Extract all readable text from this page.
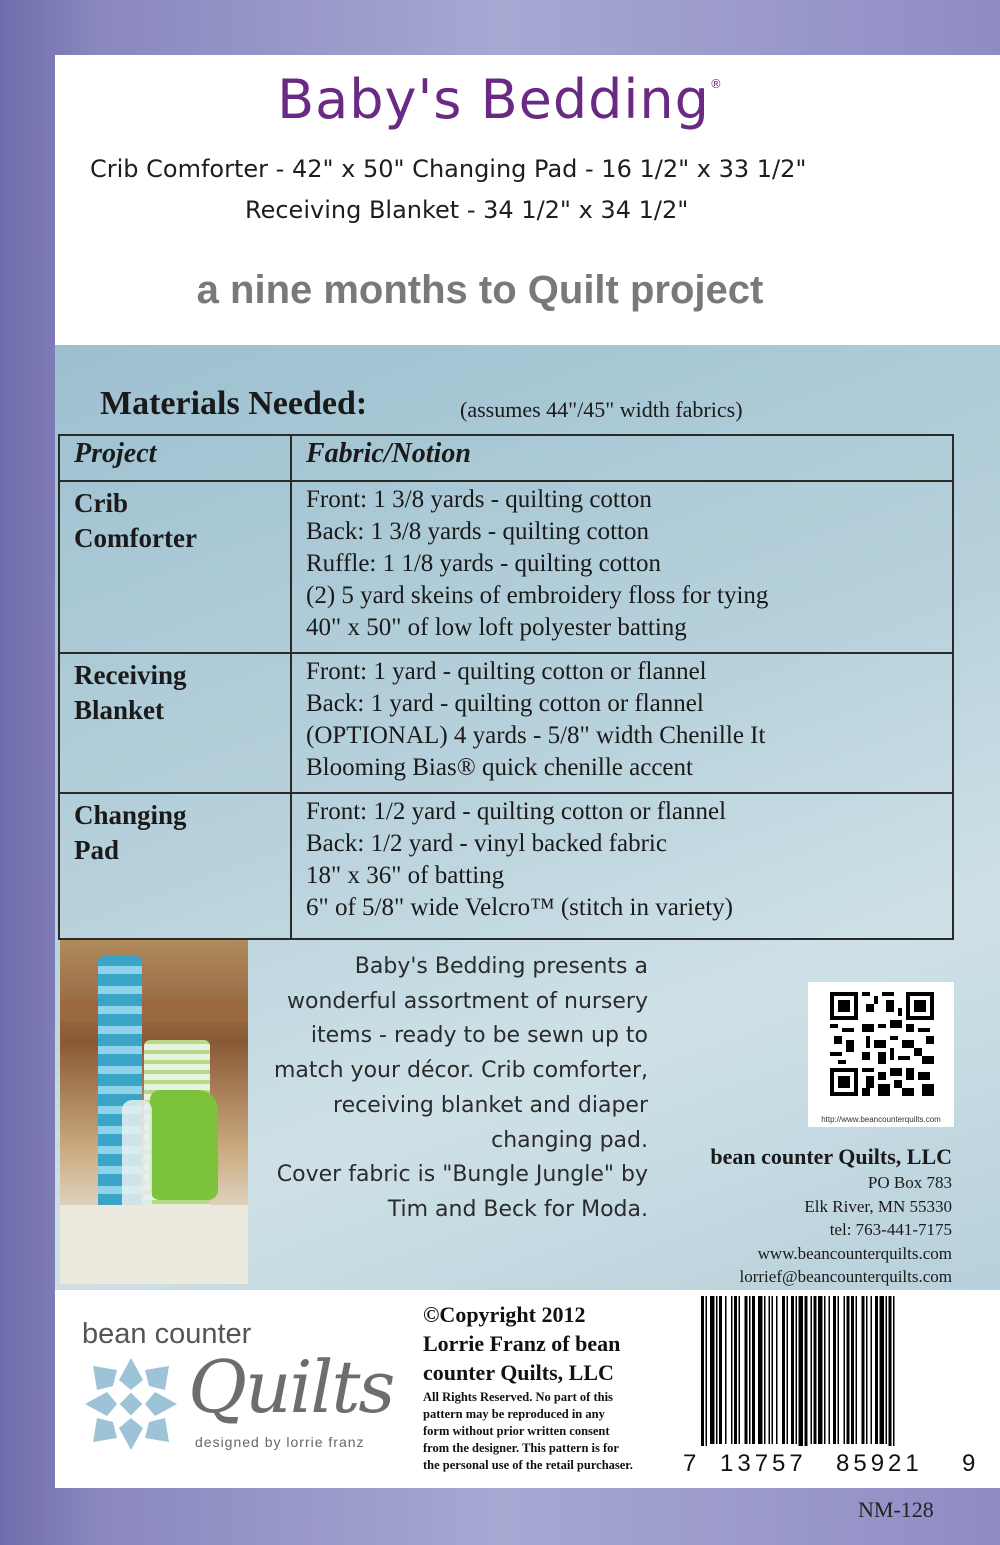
Baby's Bedding®
Crib Comforter - 42" x 50" Changing Pad - 16 1/2" x 33 1/2"
Receiving Blanket - 34 1/2" x 34 1/2"
a nine months to Quilt project
Materials Needed:	(assumes 44"/45" width fabrics)
Project	Fabric/Notion

Crib
Comforter	Front: 1 3/8 yards - quilting cotton
Back: 1 3/8 yards - quilting cotton
Ruffle: 1 1/8 yards - quilting cotton
(2) 5 yard skeins of embroidery floss for tying
40" x 50" of low loft polyester batting

Receiving
Blanket	Front: 1 yard - quilting cotton or flannel
Back: 1 yard - quilting cotton or flannel
(OPTIONAL) 4 yards - 5/8" width Chenille It
Blooming Bias® quick chenille accent

Changing
Pad	Front: 1/2 yard - quilting cotton or flannel
Back: 1/2 yard - vinyl backed fabric
18" x 36" of batting
6" of 5/8" wide Velcro™ (stitch in variety)
Baby's Bedding presents a
wonderful assortment of nursery
items - ready to be sewn up to
match your décor. Crib comforter,
receiving blanket and diaper
changing pad.
Cover fabric is "Bungle Jungle" by
Tim and Beck for Moda.
http://www.beancounterquilts.com
bean counter Quilts, LLC
PO Box 783
Elk River, MN 55330
tel: 763-441-7175
www.beancounterquilts.com
lorrief@beancounterquilts.com
bean counter
Quilts
designed by lorrie franz
©Copyright 2012
Lorrie Franz of bean
counter Quilts, LLC
All Rights Reserved. No part of this
pattern may be reproduced in any
form without prior written consent
from the designer. This pattern is for
the personal use of the retail purchaser.	7 13757 85921 9
NM-128
